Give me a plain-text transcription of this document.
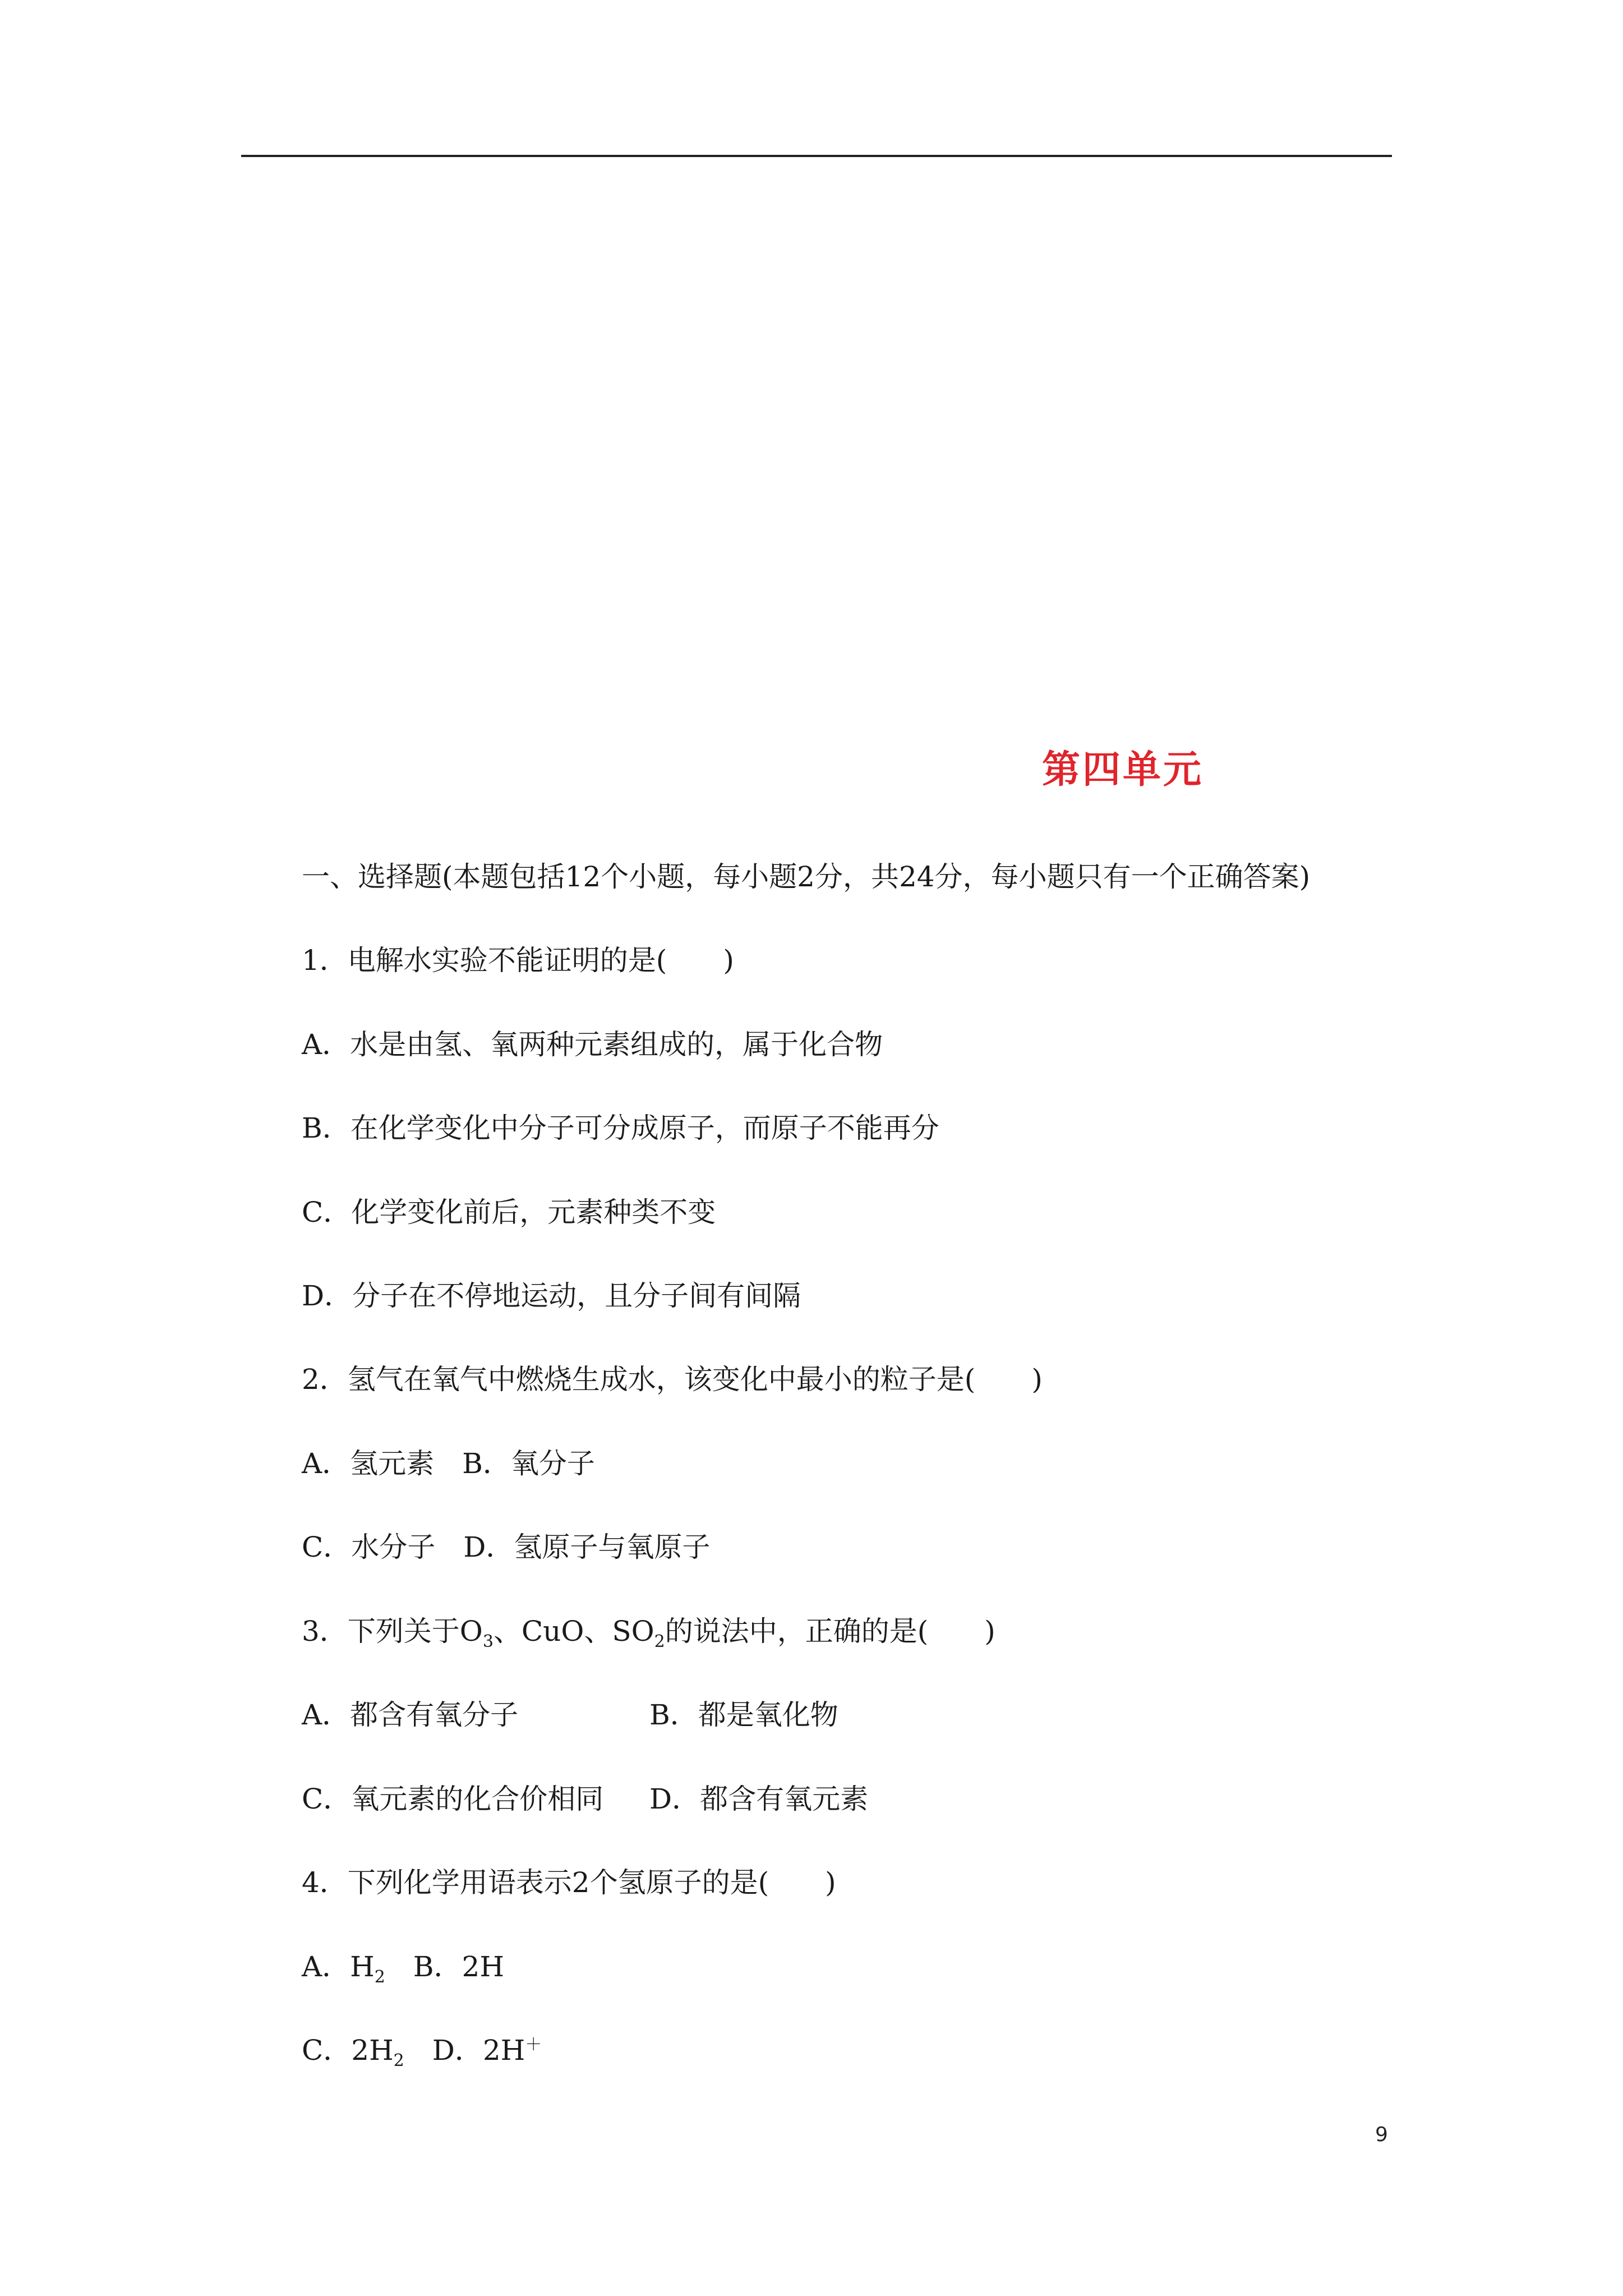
第四单元
一、选择题(本题包括12个小题，每小题2分，共24分，每小题只有一个正确答案)
1．电解水实验不能证明的是(　　)
A．水是由氢、氧两种元素组成的，属于化合物
B．在化学变化中分子可分成原子，而原子不能再分
C．化学变化前后，元素种类不变
D．分子在不停地运动，且分子间有间隔
2．氢气在氧气中燃烧生成水，该变化中最小的粒子是(　　)
A．氢元素　B．氧分子
C．水分子　D．氢原子与氧原子
3．下列关于$O_3$、CuO、$SO_2$的说法中，正确的是(　　)
A．都含有氧分子	B．都是氧化物
C．氧元素的化合价相同 D．都含有氧元素
4．下列化学用语表示2个氢原子的是(　　)
A．$H_2$　B．2H
C．$2H_2$　D．2H＋
9
